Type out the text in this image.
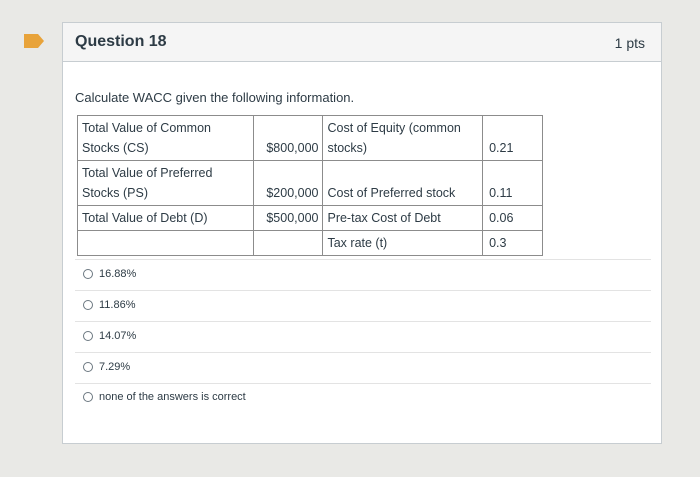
Question 18	1 pts
Calculate WACC given the following information.
Total Value of Common Stocks (CS)	$800,000	Cost of Equity (common stocks)	0.21
Total Value of Preferred Stocks (PS)	$200,000	Cost of Preferred stock	0.11
Total Value of Debt (D)	$500,000	Pre-tax Cost of Debt	0.06
		Tax rate (t)	0.3
16.88%
11.86%
14.07%
7.29%
none of the answers is correct
